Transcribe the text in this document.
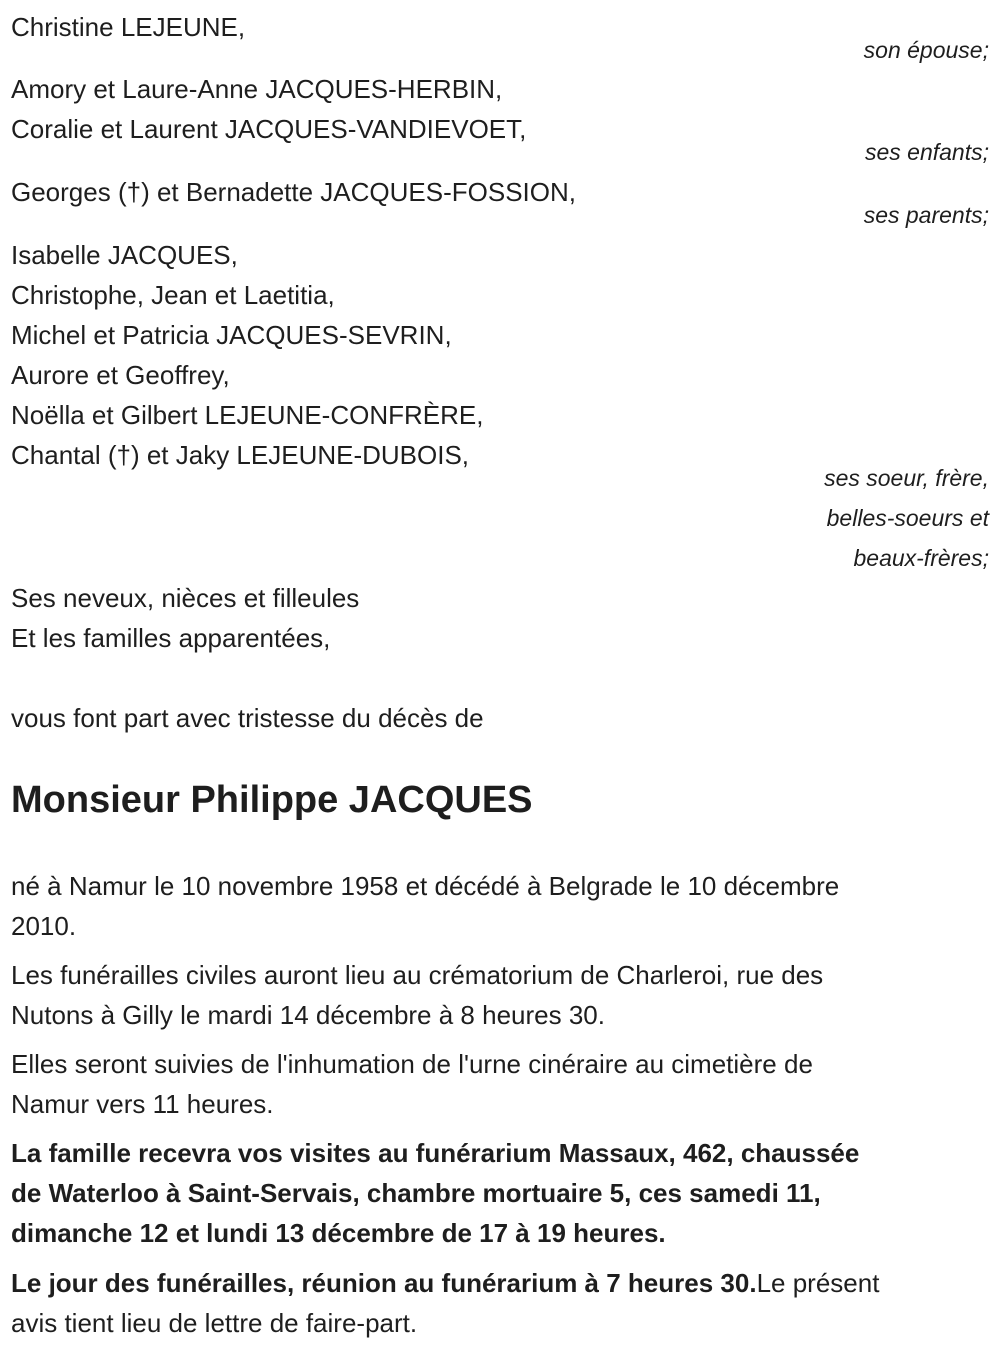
Christine LEJEUNE,
son épouse;
Amory et Laure-Anne JACQUES-HERBIN,
Coralie et Laurent JACQUES-VANDIEVOET,
ses enfants;
Georges (†) et Bernadette JACQUES-FOSSION,
ses parents;
Isabelle JACQUES,
Christophe, Jean et Laetitia,
Michel et Patricia JACQUES-SEVRIN,
Aurore et Geoffrey,
Noëlla et Gilbert LEJEUNE-CONFRÈRE,
Chantal (†) et Jaky LEJEUNE-DUBOIS,
ses soeur, frère,
belles-soeurs et
beaux-frères;
Ses neveux, nièces et filleules
Et les familles apparentées,
vous font part avec tristesse du décès de
Monsieur Philippe JACQUES
né à Namur le 10 novembre 1958 et décédé à Belgrade le 10 décembre
2010.
Les funérailles civiles auront lieu au crématorium de Charleroi, rue des
Nutons à Gilly le mardi 14 décembre à 8 heures 30.
Elles seront suivies de l'inhumation de l'urne cinéraire au cimetière de
Namur vers 11 heures.
La famille recevra vos visites au funérarium Massaux, 462, chaussée
de Waterloo à Saint-Servais, chambre mortuaire 5, ces samedi 11,
dimanche 12 et lundi 13 décembre de 17 à 19 heures.
Le jour des funérailles, réunion au funérarium à 7 heures 30.Le présent
avis tient lieu de lettre de faire-part.
